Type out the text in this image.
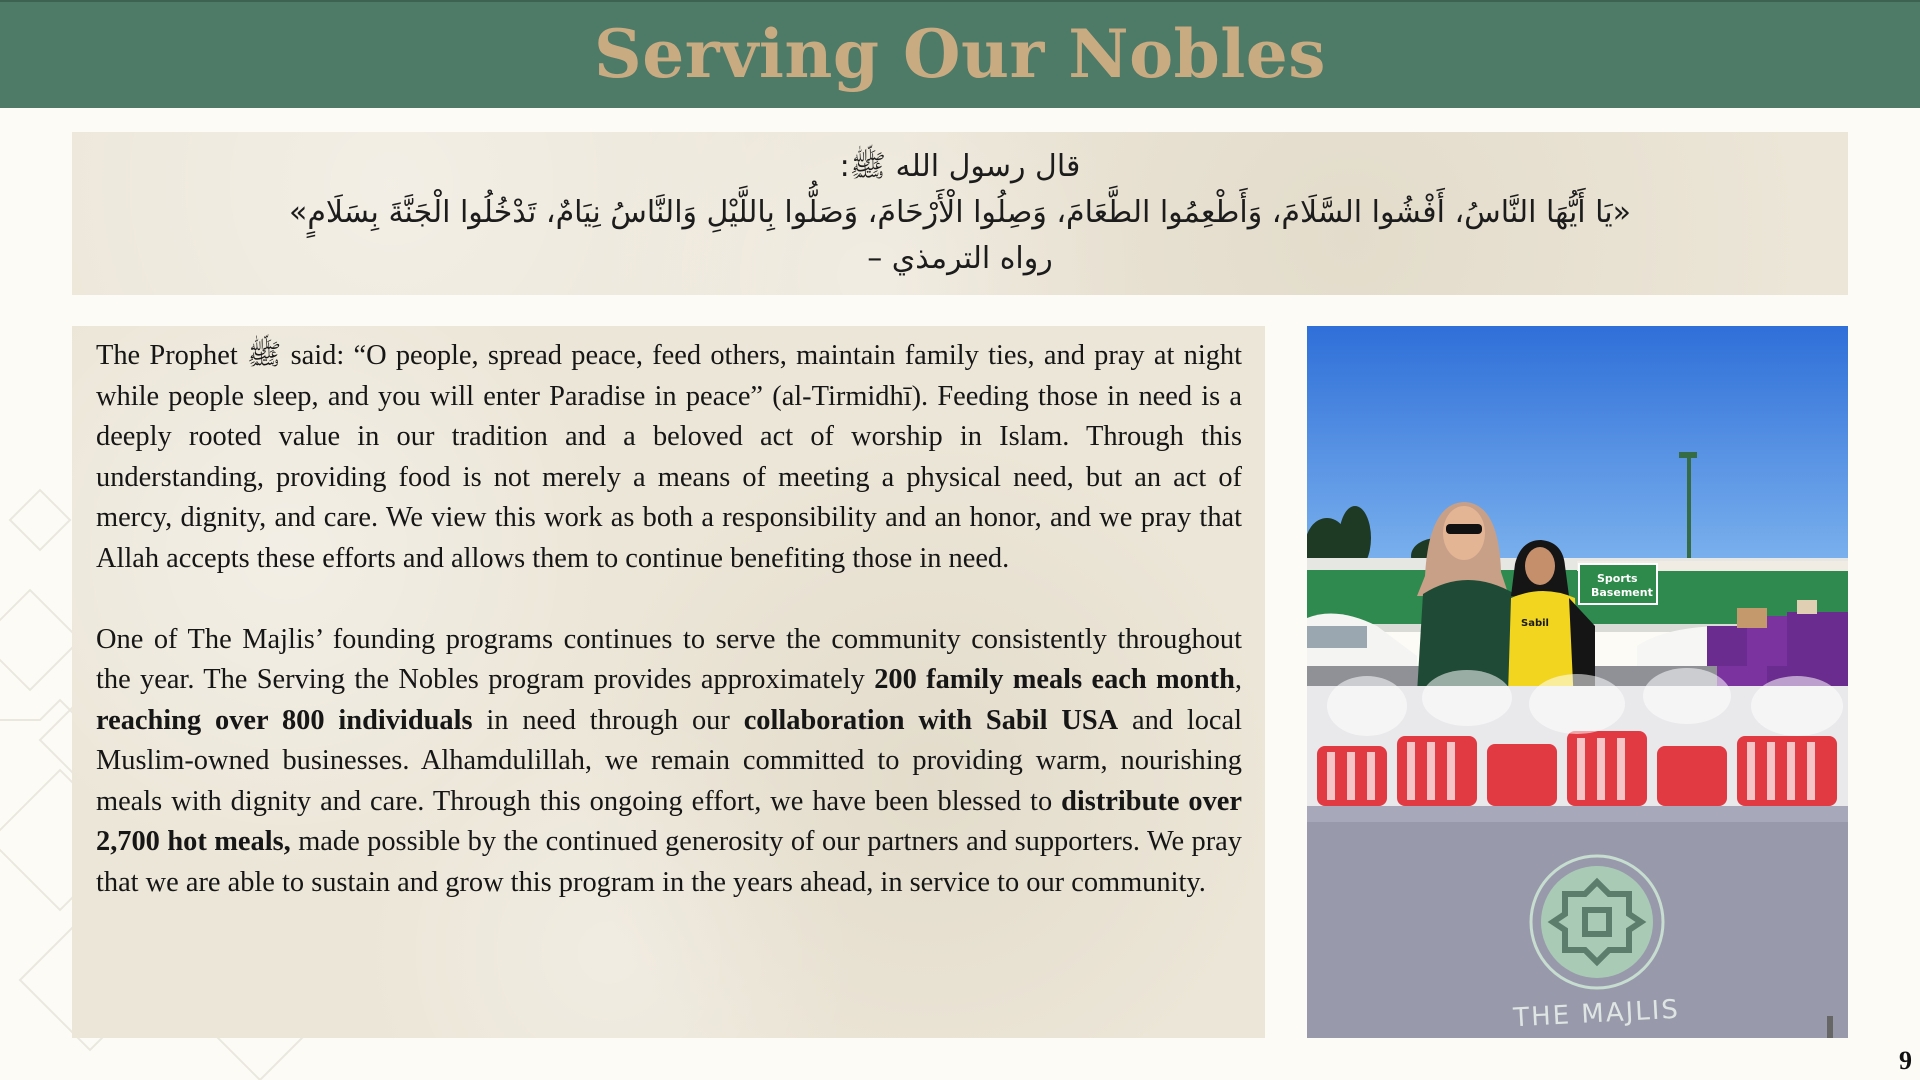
Serving Our Nobles
قال رسول الله ﷺ:
«يَا أَيُّهَا النَّاسُ، أَفْشُوا السَّلَامَ، وَأَطْعِمُوا الطَّعَامَ، وَصِلُوا الْأَرْحَامَ، وَصَلُّوا بِاللَّيْلِ وَالنَّاسُ نِيَامٌ، تَدْخُلُوا الْجَنَّةَ بِسَلَامٍ»
رواه الترمذي –

The Prophet ﷺ said: “O people, spread peace, feed others, maintain family ties, and pray at night while people sleep, and you will enter Paradise in peace” (al-Tirmidhī). Feeding those in need is a deeply rooted value in our tradition and a beloved act of worship in Islam. Through this understanding, providing food is not merely a means of meeting a physical need, but an act of mercy, dignity, and care. We view this work as both a responsibility and an honor, and we pray that Allah accepts these efforts and allows them to continue benefiting those in need.

One of The Majlis’ founding programs continues to serve the community consistently throughout the year. The Serving the Nobles program provides approximately 200 family meals each month, reaching over 800 individuals in need through our collaboration with Sabil USA and local Muslim-owned businesses. Alhamdulillah, we remain committed to providing warm, nourishing meals with dignity and care. Through this ongoing effort, we have been blessed to distribute over 2,700 hot meals, made possible by the continued generosity of our partners and supporters. We pray that we are able to sustain and grow this program in the years ahead, in service to our community.

Sports
Basement
Sabil
THE MAJLIS
9
